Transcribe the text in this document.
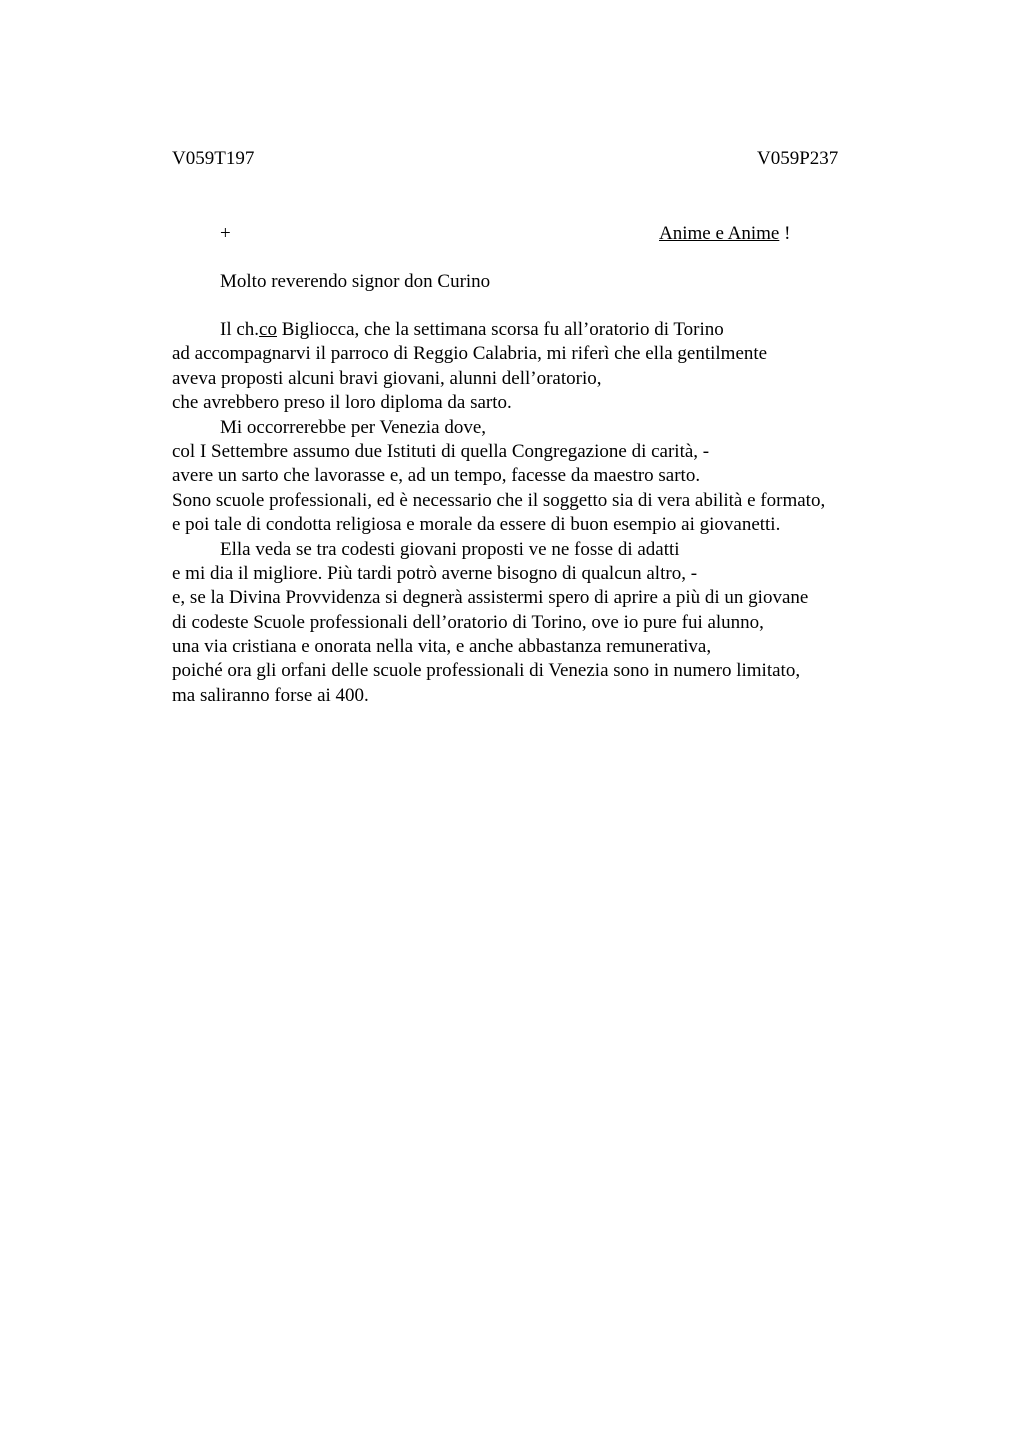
V059T197	V059P237
+	Anime e Anime !
Molto reverendo signor don Curino
Il ch.co Bigliocca, che la settimana scorsa fu all’oratorio di Torino
ad accompagnarvi il parroco di Reggio Calabria, mi riferì che ella gentilmente
aveva proposti alcuni bravi giovani, alunni dell’oratorio,
che avrebbero preso il loro diploma da sarto.
Mi occorrerebbe per Venezia dove,
col I Settembre assumo due Istituti di quella Congregazione di carità, -
avere un sarto che lavorasse e, ad un tempo, facesse da maestro sarto.
Sono scuole professionali, ed è necessario che il soggetto sia di vera abilità e formato,
e poi tale di condotta religiosa e morale da essere di buon esempio ai giovanetti.
Ella veda se tra codesti giovani proposti ve ne fosse di adatti
e mi dia il migliore. Più tardi potrò averne bisogno di qualcun altro, -
e, se la Divina Provvidenza si degnerà assistermi spero di aprire a più di un giovane
di codeste Scuole professionali dell’oratorio di Torino, ove io pure fui alunno,
una via cristiana e onorata nella vita, e anche abbastanza remunerativa,
poiché ora gli orfani delle scuole professionali di Venezia sono in numero limitato,
ma saliranno forse ai 400.
